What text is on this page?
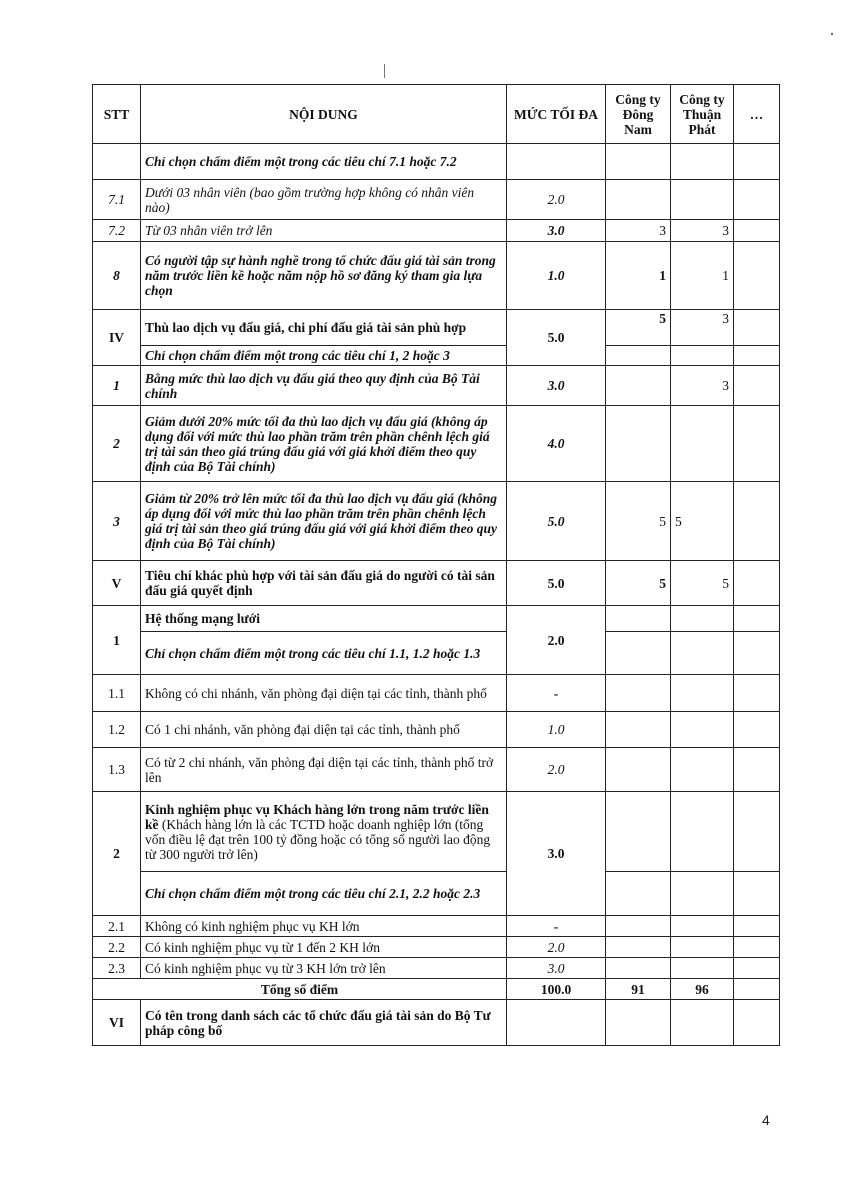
STT	NỘI DUNG	MỨC TỐI ĐA	Công ty Đông Nam	Công ty Thuận Phát	…
	Chỉ chọn chấm điểm một trong các tiêu chí 7.1 hoặc 7.2				
7.1	Dưới 03 nhân viên (bao gồm trường hợp không có nhân viên nào)	2.0			
7.2	Từ 03 nhân viên trở lên	3.0	3	3	
8	Có người tập sự hành nghề trong tổ chức đấu giá tài sản trong năm trước liền kề hoặc năm nộp hồ sơ đăng ký tham gia lựa chọn	1.0	1	1	
IV	Thù lao dịch vụ đấu giá, chi phí đấu giá tài sản phù hợp	5.0	5	3	
	Chỉ chọn chấm điểm một trong các tiêu chí 1, 2 hoặc 3				
1	Bằng mức thù lao dịch vụ đấu giá theo quy định của Bộ Tài chính	3.0		3	
2	Giảm dưới 20% mức tối đa thù lao dịch vụ đấu giá (không áp dụng đối với mức thù lao phần trăm trên phần chênh lệch giá trị tài sản theo giá trúng đấu giá với giá khởi điểm theo quy định của Bộ Tài chính)	4.0			
3	Giảm từ 20% trở lên mức tối đa thù lao dịch vụ đấu giá (không áp dụng đối với mức thù lao phần trăm trên phần chênh lệch giá trị tài sản theo giá trúng đấu giá với giá khởi điểm theo quy định của Bộ Tài chính)	5.0	5	5	
V	Tiêu chí khác phù hợp với tài sản đấu giá do người có tài sản đấu giá quyết định	5.0	5	5	
1	Hệ thống mạng lưới	2.0			
	Chỉ chọn chấm điểm một trong các tiêu chí 1.1, 1.2 hoặc 1.3				
1.1	Không có chi nhánh, văn phòng đại diện tại các tỉnh, thành phố	-			
1.2	Có 1 chi nhánh, văn phòng đại diện tại các tỉnh, thành phố	1.0			
1.3	Có từ 2 chi nhánh, văn phòng đại diện tại các tỉnh, thành phố trở lên	2.0			
2	Kinh nghiệm phục vụ Khách hàng lớn trong năm trước liền kề (Khách hàng lớn là các TCTD hoặc doanh nghiệp lớn (tổng vốn điều lệ đạt trên 100 tỷ đồng hoặc có tổng số người lao động từ 300 người trở lên)	3.0			
	Chỉ chọn chấm điểm một trong các tiêu chí 2.1, 2.2 hoặc 2.3				
2.1	Không có kinh nghiệm phục vụ KH lớn	-			
2.2	Có kinh nghiệm phục vụ từ 1 đến 2 KH lớn	2.0			
2.3	Có kinh nghiệm phục vụ từ 3 KH lớn trở lên	3.0			
Tổng số điểm		100.0	91	96	
VI	Có tên trong danh sách các tổ chức đấu giá tài sản do Bộ Tư pháp công bố				
4
